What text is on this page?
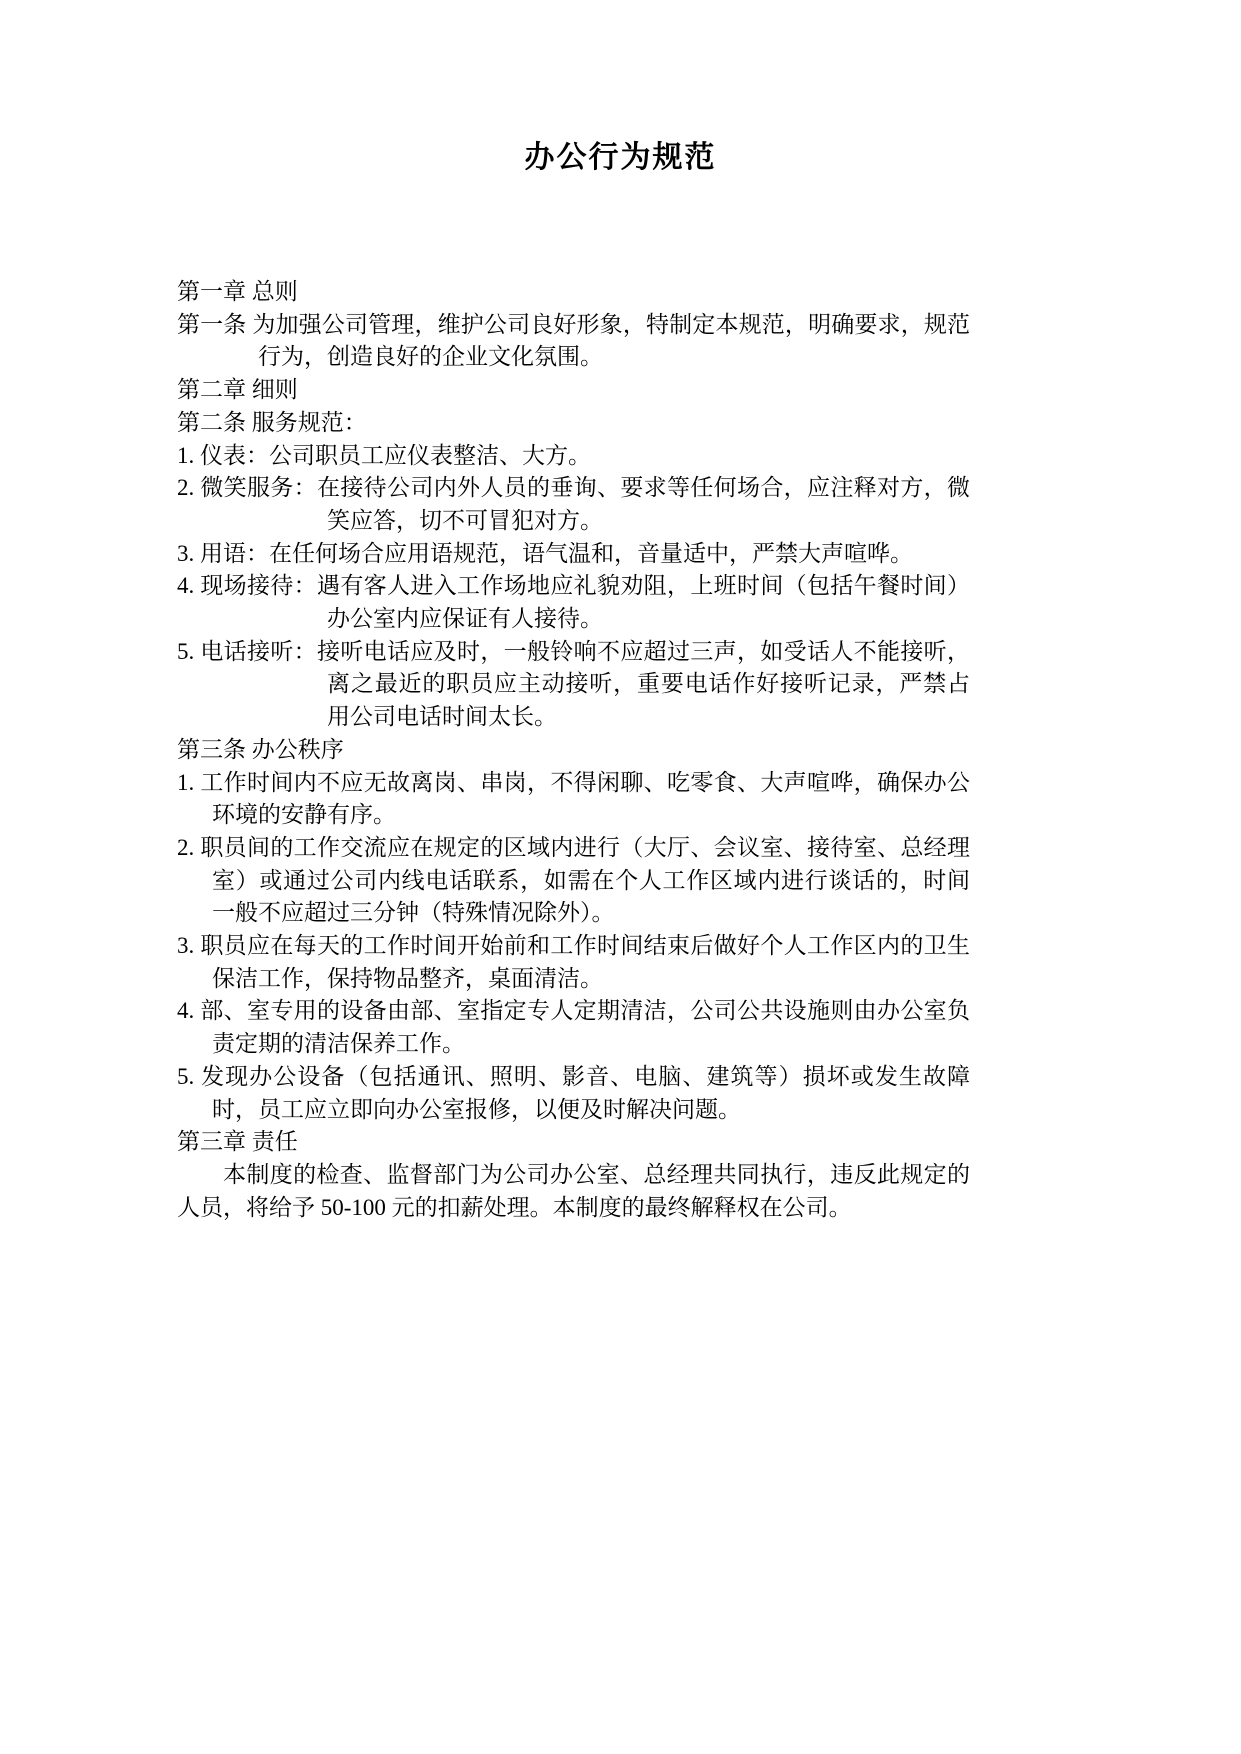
办公行为规范

第一章 总则

第一条 为加强公司管理，维护公司良好形象，特制定本规范，明确要求，规范行为，创造良好的企业文化氛围。

第二章 细则

第二条 服务规范：

1. 仪表：公司职员工应仪表整洁、大方。

2. 微笑服务：在接待公司内外人员的垂询、要求等任何场合，应注释对方，微笑应答，切不可冒犯对方。

3. 用语：在任何场合应用语规范，语气温和，音量适中，严禁大声喧哗。

4. 现场接待：遇有客人进入工作场地应礼貌劝阻，上班时间（包括午餐时间）办公室内应保证有人接待。

5. 电话接听：接听电话应及时，一般铃响不应超过三声，如受话人不能接听，离之最近的职员应主动接听，重要电话作好接听记录，严禁占用公司电话时间太长。

第三条 办公秩序

1. 工作时间内不应无故离岗、串岗，不得闲聊、吃零食、大声喧哗，确保办公环境的安静有序。

2. 职员间的工作交流应在规定的区域内进行（大厅、会议室、接待室、总经理室）或通过公司内线电话联系，如需在个人工作区域内进行谈话的，时间一般不应超过三分钟（特殊情况除外）。

3. 职员应在每天的工作时间开始前和工作时间结束后做好个人工作区内的卫生保洁工作，保持物品整齐，桌面清洁。

4. 部、室专用的设备由部、室指定专人定期清洁，公司公共设施则由办公室负责定期的清洁保养工作。

5. 发现办公设备（包括通讯、照明、影音、电脑、建筑等）损坏或发生故障时，员工应立即向办公室报修，以便及时解决问题。

第三章 责任

本制度的检查、监督部门为公司办公室、总经理共同执行，违反此规定的人员，将给予 50-100 元的扣薪处理。本制度的最终解释权在公司。
